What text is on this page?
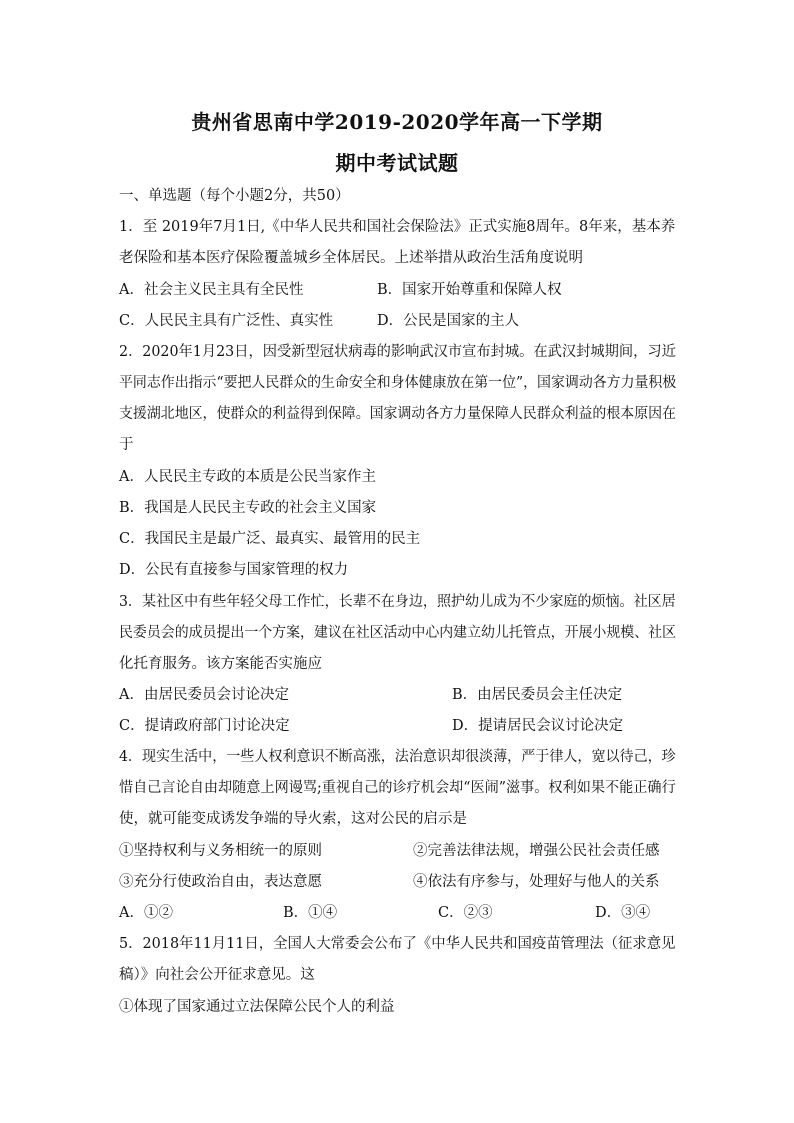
贵州省思南中学2019-2020学年高一下学期
期中考试试题
一、单选题（每个小题2分，共50）
1．至 2019年7月1日,《中华人民共和国社会保险法》正式实施8周年。8年来，基本养
老保险和基本医疗保险覆盖城乡全体居民。上述举措从政治生活角度说明
A．社会主义民主具有全民性	B．国家开始尊重和保障人权
C．人民民主具有广泛性、真实性	D．公民是国家的主人
2．2020年1月23日，因受新型冠状病毒的影响武汉市宣布封城。在武汉封城期间，习近
平同志作出指示“要把人民群众的生命安全和身体健康放在第一位”，国家调动各方力量积极
支援湖北地区，使群众的利益得到保障。国家调动各方力量保障人民群众利益的根本原因在
于
A．人民民主专政的本质是公民当家作主
B．我国是人民民主专政的社会主义国家
C．我国民主是最广泛、最真实、最管用的民主
D．公民有直接参与国家管理的权力
3．某社区中有些年轻父母工作忙，长辈不在身边，照护幼儿成为不少家庭的烦恼。社区居
民委员会的成员提出一个方案，建议在社区活动中心内建立幼儿托管点，开展小规模、社区
化托育服务。该方案能否实施应
A．由居民委员会讨论决定	B．由居民委员会主任决定
C．提请政府部门讨论决定	D．提请居民会议讨论决定
4．现实生活中，一些人权利意识不断高涨，法治意识却很淡薄，严于律人，宽以待己，珍
惜自己言论自由却随意上网谩骂;重视自己的诊疗机会却“医闹”滋事。权利如果不能正确行
使，就可能变成诱发争端的导火索，这对公民的启示是
①坚持权利与义务相统一的原则	②完善法律法规，增强公民社会责任感
③充分行使政治自由，表达意愿	④依法有序参与，处理好与他人的关系
A．①②	B．①④	C．②③	D．③④
5．2018年11月11日，全国人大常委会公布了《中华人民共和国疫苗管理法（征求意见
稿）》向社会公开征求意见。这
①体现了国家通过立法保障公民个人的利益
